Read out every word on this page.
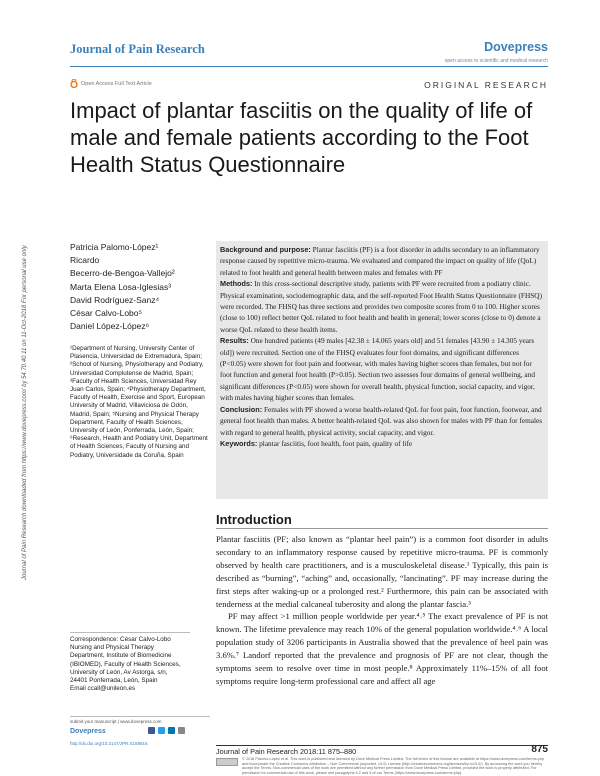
Journal of Pain Research	Dovepress
open access to scientific and medical research
Open Access Full Text Article	ORIGINAL RESEARCH
Impact of plantar fasciitis on the quality of life of male and female patients according to the Foot Health Status Questionnaire
Journal of Pain Research downloaded from https://www.dovepress.com/ by 54.70.40.11 on 11-Oct-2018 For personal use only.	Patricia Palomo-López¹
Ricardo
Becerro-de-Bengoa-Vallejo²
Marta Elena Losa-Iglesias³
David Rodríguez-Sanz⁴
César Calvo-Lobo⁵
Daniel López-López⁶
¹Department of Nursing, University Center of Plasencia, Universidad de Extremadura, Spain; ²School of Nursing, Physiotherapy and Podiatry, Universidad Complutense de Madrid, Spain; ³Faculty of Health Sciences, Universidad Rey Juan Carlos, Spain; ⁴Physiotherapy Department, Faculty of Health, Exercise and Sport, European University of Madrid, Villaviciosa de Odón, Madrid, Spain; ⁵Nursing and Physical Therapy Department, Faculty of Health Sciences, University of León, Ponferrada, León, Spain; ⁶Research, Health and Podiatry Unit, Department of Health Sciences, Faculty of Nursing and Podiatry, Universidade da Coruña, Spain
Correspondence: César Calvo-Lobo
Nursing and Physical Therapy
Department, Institute of Biomedicine
(IBIOMED), Faculty of Health Sciences,
University of León, Av Astorga, s/n,
24401 Ponferrada, León, Spain
Email ccall@unileon.es
submit your manuscript | www.dovepress.com
Dovepress
http://dx.doi.org/10.2147/JPR.S159516

Background and purpose: Plantar fasciitis (PF) is a foot disorder in adults secondary to an inflammatory response caused by repetitive micro-trauma. We evaluated and compared the impact on quality of life (QoL) related to foot health and general health between males and females with PF

Methods: In this cross-sectional descriptive study, patients with PF were recruited from a podiatry clinic. Physical examination, sociodemographic data, and the self-reported Foot Health Status Questionnaire (FHSQ) were recorded. The FHSQ has three sections and provides two composite scores from 0 to 100. Higher scores (close to 100) reflect better QoL related to foot health and health in general; lower scores (close to 0) denote a worse QoL related to these health items.

Results: One hundred patients (49 males [42.38 ± 14.065 years old] and 51 females [43.90 ± 14.305 years old]) were recruited. Section one of the FHSQ evaluates four foot domains, and significant differences (P<0.05) were shown for foot pain and footwear, with males having higher scores than females, but not for foot function and general foot health (P>0.05). Section two assesses four domains of general wellbeing, and significant differences (P<0.05) were shown for overall health, physical function, social capacity, and vigor, with males having higher scores than females.

Conclusion: Females with PF showed a worse health-related QoL for foot pain, foot function, footwear, and general foot health than males. A better health-related QoL was also shown for males with PF than for females with regard to general health, physical activity, social capacity, and vigor.

Keywords: plantar fasciitis, foot health, foot pain, quality of life

Introduction

Plantar fasciitis (PF; also known as “plantar heel pain”) is a common foot disorder in adults secondary to an inflammatory response caused by repetitive micro-trauma. PF is commonly observed by health care practitioners, and is a musculoskeletal disease.¹ Typically, this pain is described as “burning”, “aching” and, occasionally, “lancinating”. PF may increase during the first steps after waking-up or a prolonged rest.² Furthermore, this pain can be associated with tenderness at the medial calcaneal tuberosity and along the plantar fascia.³

PF may affect >1 million people worldwide per year.⁴˒⁵ The exact prevalence of PF is not known. The lifetime prevalence may reach 10% of the general population worldwide.⁴˒⁶ A local population study of 3206 participants in Australia showed that the prevalence of heel pain was 3.6%.⁷ Landorf reported that the prevalence and prognosis of PF are not clear, though the symptoms seem to resolve over time in most people.⁸ Approximately 11%–15% of all foot symptoms require long-term professional care and affect all age

Journal of Pain Research 2018:11 875–880	875
© 2018 Palomo-López et al. This work is published and licensed by Dove Medical Press Limited. The full terms of this license are available at https://www.dovepress.com/terms.php and incorporate the Creative Commons Attribution – Non Commercial (unported, v3.0) License (http://creativecommons.org/licenses/by-nc/3.0/). By accessing the work you hereby accept the Terms. Non-commercial uses of the work are permitted without any further permission from Dove Medical Press Limited, provided the work is properly attributed. For permission for commercial use of this work, please see paragraphs 4.2 and 5 of our Terms (https://www.dovepress.com/terms.php).
